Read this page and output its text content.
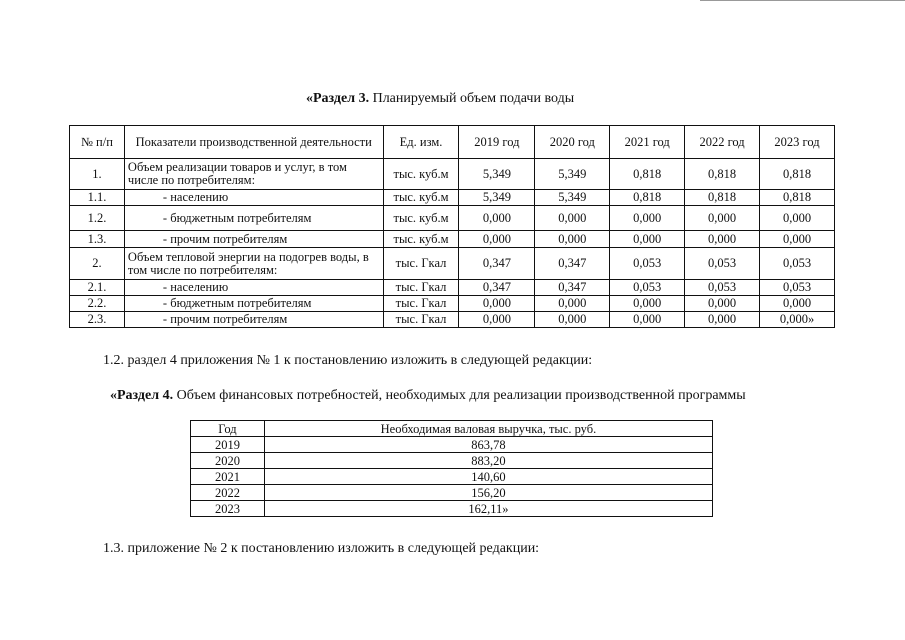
«Раздел 3. Планируемый объем подачи воды
№ п/п	Показатели производственной деятельности	Ед. изм.	2019 год	2020 год	2021 год	2022 год	2023 год
1.	Объем реализации товаров и услуг, в том числе по потребителям:	тыс. куб.м	5,349	5,349	0,818	0,818	0,818
1.1.	- населению	тыс. куб.м	5,349	5,349	0,818	0,818	0,818
1.2.	- бюджетным потребителям	тыс. куб.м	0,000	0,000	0,000	0,000	0,000
1.3.	- прочим потребителям	тыс. куб.м	0,000	0,000	0,000	0,000	0,000
2.	Объем тепловой энергии на подогрев воды, в том числе по потребителям:	тыс. Гкал	0,347	0,347	0,053	0,053	0,053
2.1.	- населению	тыс. Гкал	0,347	0,347	0,053	0,053	0,053
2.2.	- бюджетным потребителям	тыс. Гкал	0,000	0,000	0,000	0,000	0,000
2.3.	- прочим потребителям	тыс. Гкал	0,000	0,000	0,000	0,000	0,000»
1.2. раздел 4 приложения № 1 к постановлению изложить в следующей редакции:
«Раздел 4. Объем финансовых потребностей, необходимых для реализации производственной программы
Год	Необходимая валовая выручка, тыс. руб.
2019	863,78
2020	883,20
2021	140,60
2022	156,20
2023	162,11»
1.3. приложение № 2 к постановлению изложить в следующей редакции:
